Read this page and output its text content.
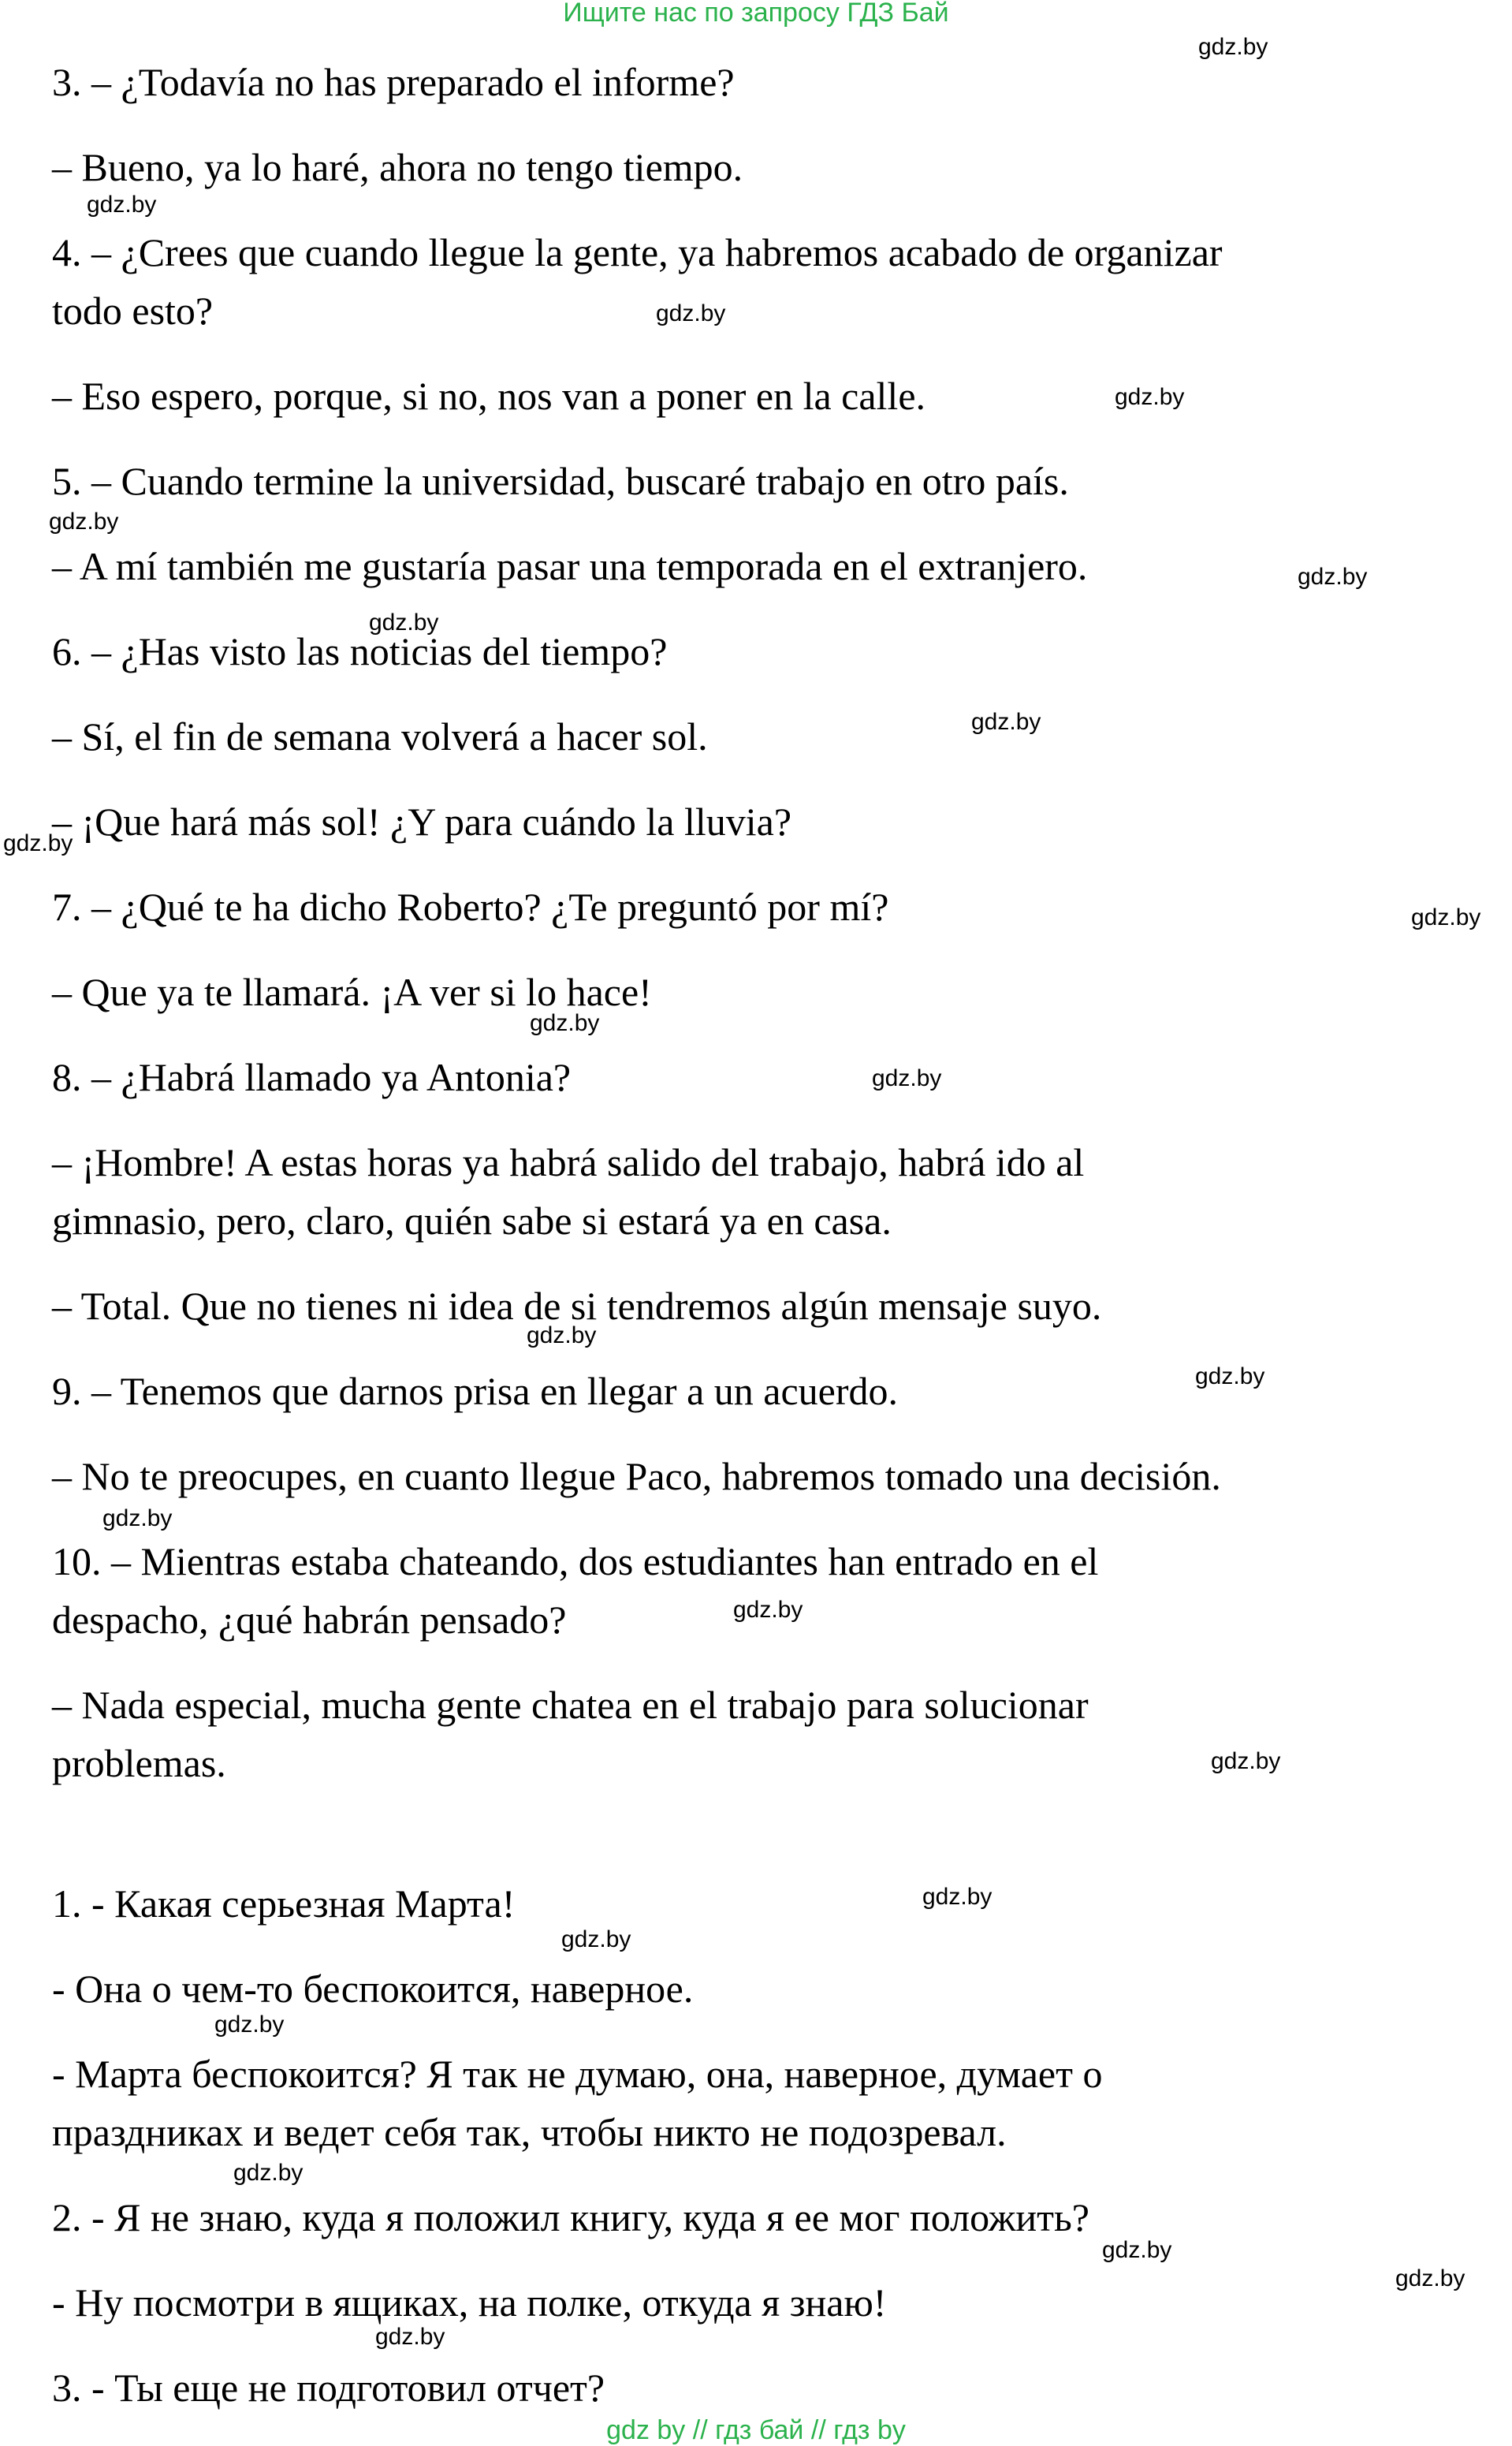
Ищите нас по запросу ГДЗ Бай
3. – ¿Todavía no has preparado el informe?
– Bueno, ya lo haré, ahora no tengo tiempo.
4. – ¿Crees que cuando llegue la gente, ya habremos acabado de organizar
todo esto?
– Eso espero, porque, si no, nos van a poner en la calle.
5. – Cuando termine la universidad, buscaré trabajo en otro país.
– A mí también me gustaría pasar una temporada en el extranjero.
6. – ¿Has visto las noticias del tiempo?
– Sí, el fin de semana volverá a hacer sol.
– ¡Que hará más sol! ¿Y para cuándo la lluvia?
7. – ¿Qué te ha dicho Roberto? ¿Te preguntó por mí?
– Que ya te llamará. ¡A ver si lo hace!
8. – ¿Habrá llamado ya Antonia?
– ¡Hombre! A estas horas ya habrá salido del trabajo, habrá ido al
gimnasio, pero, claro, quién sabe si estará ya en casa.
– Total. Que no tienes ni idea de si tendremos algún mensaje suyo.
9. – Tenemos que darnos prisa en llegar a un acuerdo.
– No te preocupes, en cuanto llegue Paco, habremos tomado una decisión.
10. – Mientras estaba chateando, dos estudiantes han entrado en el
despacho, ¿qué habrán pensado?
– Nada especial, mucha gente chatea en el trabajo para solucionar
problemas.
1. - Какая серьезная Марта!
- Она о чем-то беспокоится, наверное.
- Марта беспокоится? Я так не думаю, она, наверное, думает о
праздниках и ведет себя так, чтобы никто не подозревал.
2. - Я не знаю, куда я положил книгу, куда я ее мог положить?
- Ну посмотри в ящиках, на полке, откуда я знаю!
3. - Ты еще не подготовил отчет?
gdz.by
gdz.by
gdz.by
gdz.by
gdz.by
gdz.by
gdz.by
gdz.by
gdz.by
gdz.by
gdz.by
gdz.by
gdz.by
gdz.by
gdz.by
gdz.by
gdz.by
gdz.by
gdz.by
gdz.by
gdz.by
gdz.by
gdz.by
gdz.by
gdz by // гдз бай // гдз by
